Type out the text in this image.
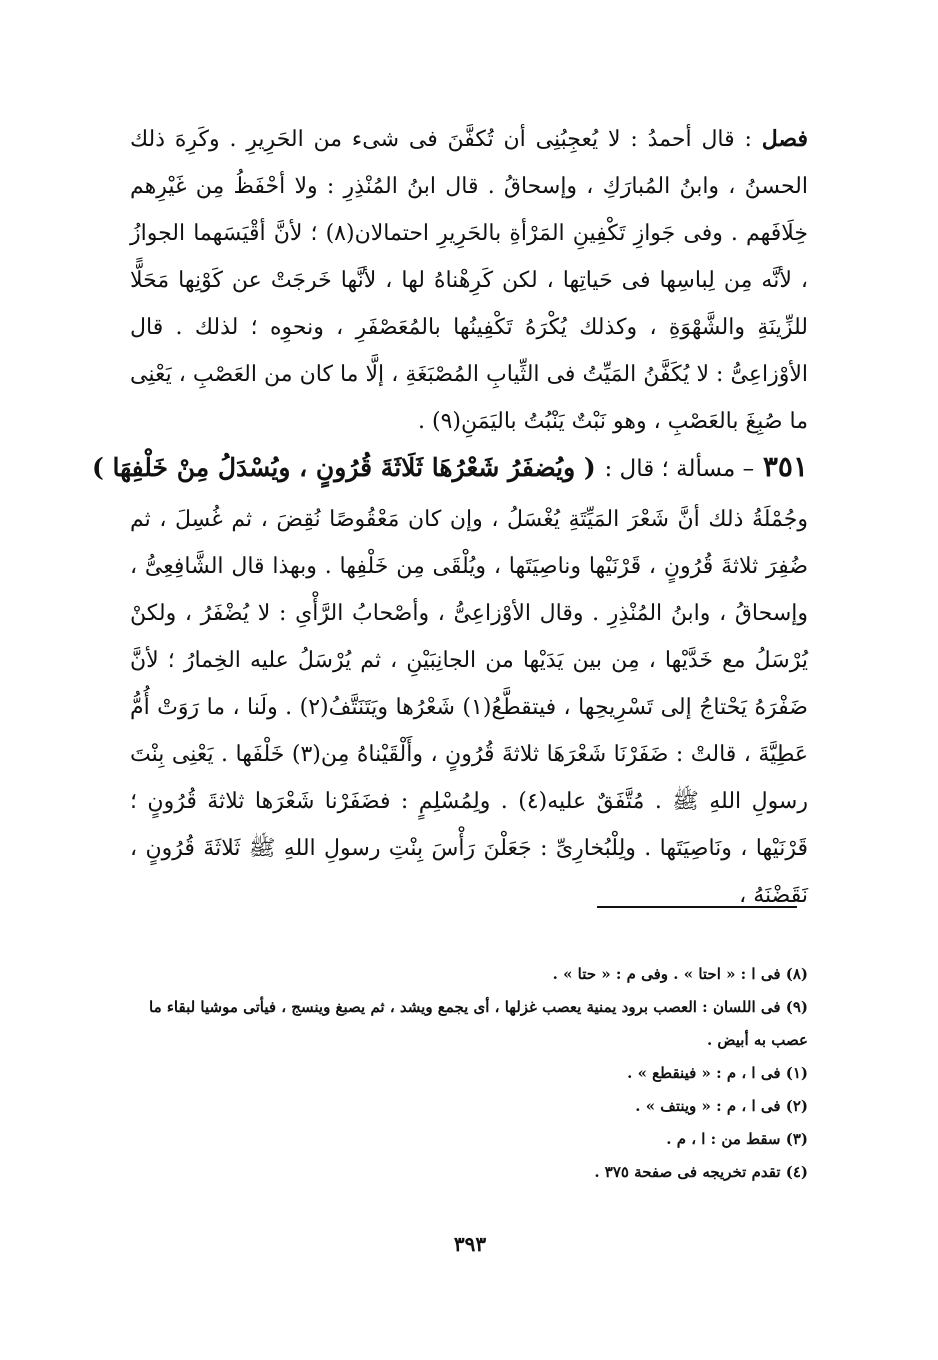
فصل : قال أحمدُ : لا يُعجِبُنِى أن تُكفَّنَ فى شىء من الحَرِيرِ . وكَرِهَ ذلك الحسنُ ، وابنُ المُبارَكِ ، وإسحاقُ . قال ابنُ المُنْذِرِ : ولا أحْفَظُ مِن غَيْرِهم خِلَافَهم . وفى جَوازِ تَكْفِينِ المَرْأةِ بالحَرِيرِ احتمالان(٨) ؛ لأنَّ أقْيَسَهما الجوازُ ، لأنَّه مِن لِباسِها فى حَياتِها ، لكن كَرِهْناهُ لها ، لأنَّها خَرجَتْ عن كَوْنِها مَحَلًّا للزِّينَةِ والشَّهْوَةِ ، وكذلك يُكْرَهُ تَكْفِينُها بالمُعَصْفَرِ ، ونحوِه ؛ لذلك . قال الأوْزاعِىُّ : لا يُكَفَّنُ المَيِّتُ فى الثِّيابِ المُصْبَغَةِ ، إلَّا ما كان من العَصْبِ ، يَعْنِى ما صُبِغَ بالعَصْبِ ، وهو نَبْتٌ يَنْبُتُ باليَمَنِ(٩) .
٣٥١ – مسألة ؛ قال : ( ويُضفَرُ شَعْرُهَا ثَلَاثَةَ قُرُونٍ ، ويُسْدَلُ مِنْ خَلْفِهَا )
وجُمْلَةُ ذلك أنَّ شَعْرَ المَيِّتَةِ يُغْسَلُ ، وإن كان مَعْقُوصًا نُقِضَ ، ثم غُسِلَ ، ثم ضُفِرَ ثلاثةَ قُرُونٍ ، قَرْنَيْها وناصِيَتَها ، ويُلْقَى مِن خَلْفِها . وبهذا قال الشَّافِعِىُّ ، وإسحاقُ ، وابنُ المُنْذِرِ . وقال الأوْزاعِىُّ ، وأصْحابُ الرَّأْىِ : لا يُضْفَرُ ، ولكنْ يُرْسَلُ مع خَدَّيْها ، مِن بين يَدَيْها من الجانِبَيْنِ ، ثم يُرْسَلُ عليه الخِمارُ ؛ لأنَّ ضَفْرَهُ يَحْتاجُ إلى تَسْرِيحِها ، فيتقطَّعُ(١) شَعْرُها ويَتَنَتَّفُ(٢) . ولَنا ، ما رَوَتْ أُمُّ عَطِيَّةَ ، قالتْ : ضَفَرْنَا شَعْرَهَا ثلاثةَ قُرُونٍ ، وأَلْقَيْناهُ مِن(٣) خَلْفَها . يَعْنِى بِنْتَ رسولِ اللهِ ﷺ . مُتَّفَقٌ عليه(٤) . ولِمُسْلِمٍ : فضَفَرْنا شَعْرَها ثلاثةَ قُرُونٍ ؛ قَرْنَيْها ، ونَاصِيَتَها . ولِلْبُخارِىِّ : جَعَلْنَ رَأْسَ بِنْتِ رسولِ اللهِ ﷺ ثَلاثَةَ قُرُونٍ ، نَقَضْنَهُ ،

(٨) فى ا : « احتا » . وفى م : « حتا » .

(٩) فى اللسان : العصب برود يمنية يعصب غزلها ، أى يجمع ويشد ، ثم يصبغ وينسج ، فيأتى موشيا لبقاء ما عصب به أبيض .

(١) فى ا ، م : « فينقطع » .

(٢) فى ا ، م : « وينتف » .

(٣) سقط من : ا ، م .

(٤) تقدم تخريجه فى صفحة ٣٧٥ .

٣٩٣
